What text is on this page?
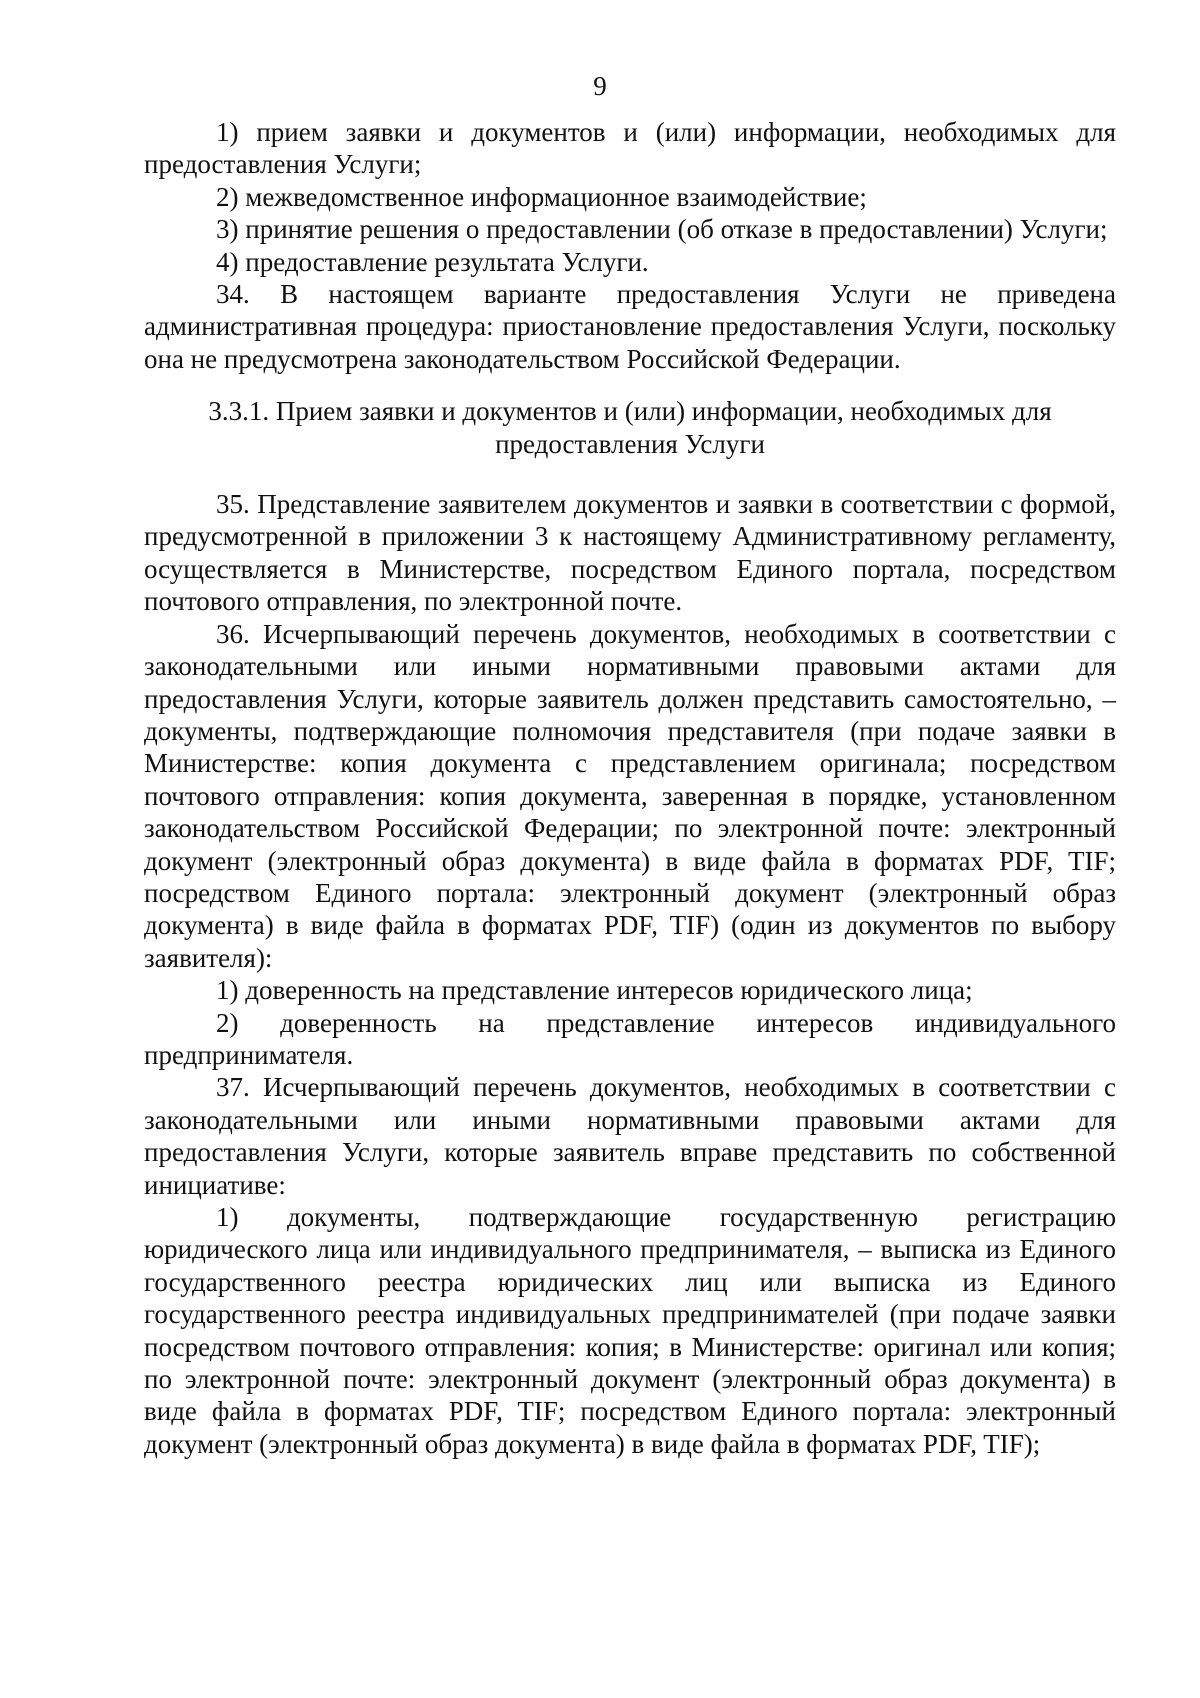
9

1) прием заявки и документов и (или) информации, необходимых для предоставления Услуги;

2) межведомственное информационное взаимодействие;

3) принятие решения о предоставлении (об отказе в предоставлении) Услуги;

4) предоставление результата Услуги.

34. В настоящем варианте предоставления Услуги не приведена административная процедура: приостановление предоставления Услуги, поскольку она не предусмотрена законодательством Российской Федерации.

3.3.1. Прием заявки и документов и (или) информации, необходимых для предоставления Услуги

35. Представление заявителем документов и заявки в соответствии с формой, предусмотренной в приложении 3 к настоящему Административному регламенту, осуществляется в Министерстве, посредством Единого портала, посредством почтового отправления, по электронной почте.

36. Исчерпывающий перечень документов, необходимых в соответствии с законодательными или иными нормативными правовыми актами для предоставления Услуги, которые заявитель должен представить самостоятельно, – документы, подтверждающие полномочия представителя (при подаче заявки в Министерстве: копия документа с представлением оригинала; посредством почтового отправления: копия документа, заверенная в порядке, установленном законодательством Российской Федерации; по электронной почте: электронный документ (электронный образ документа) в виде файла в форматах PDF, TIF; посредством Единого портала: электронный документ (электронный образ документа) в виде файла в форматах PDF, TIF) (один из документов по выбору заявителя):

1) доверенность на представление интересов юридического лица;

2) доверенность на представление интересов индивидуального предпринимателя.

37. Исчерпывающий перечень документов, необходимых в соответствии с законодательными или иными нормативными правовыми актами для предоставления Услуги, которые заявитель вправе представить по собственной инициативе:

1) документы, подтверждающие государственную регистрацию юридического лица или индивидуального предпринимателя, – выписка из Единого государственного реестра юридических лиц или выписка из Единого государственного реестра индивидуальных предпринимателей (при подаче заявки посредством почтового отправления: копия; в Министерстве: оригинал или копия; по электронной почте: электронный документ (электронный образ документа) в виде файла в форматах PDF, TIF; посредством Единого портала: электронный документ (электронный образ документа) в виде файла в форматах PDF, TIF);
